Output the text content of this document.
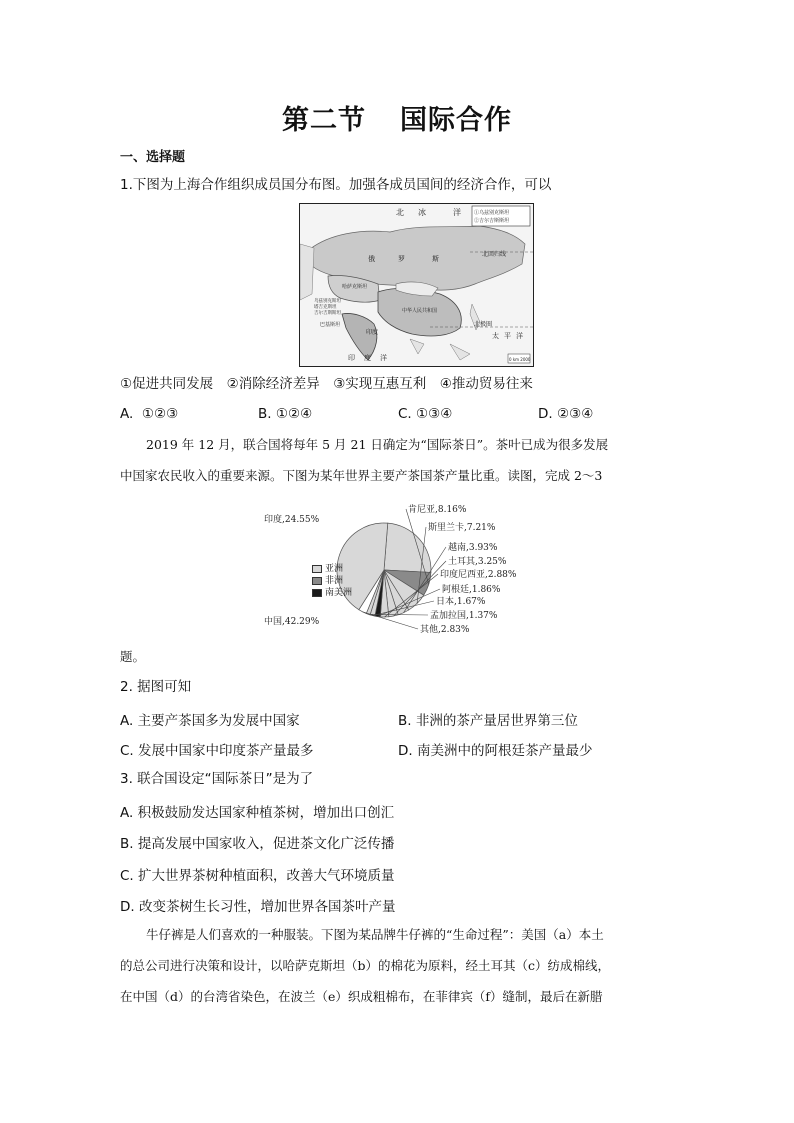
第二节 国际合作
一、选择题
1.下图为上海合作组织成员国分布图。加强各成员国间的经济合作，可以
北 冰	洋
俄	罗	斯
北回归线
北极圈
印度	太 平 洋
哈萨克斯坦
中华人民共和国
乌兹别克斯坦
塔吉克斯坦
吉尔吉斯斯坦
巴基斯坦
印 度 洋
①乌兹别克斯坦
②吉尔吉斯斯坦
0 km 2000
①促进共同发展　②消除经济差异　③实现互惠互利　④推动贸易往来
A. ①②③	B. ①②④	C. ①③④	D. ②③④
2019 年 12 月，联合国将每年 5 月 21 日确定为“国际茶日”。茶叶已成为很多发展
中国家农民收入的重要来源。下图为某年世界主要产茶国茶产量比重。读图，完成 2～3
印度,24.55%
肯尼亚,8.16%
斯里兰卡,7.21%
越南,3.93%
土耳其,3.25%
印度尼西亚,2.88%
阿根廷,1.86%
日本,1.67%
孟加拉国,1.37%
其他,2.83%
中国,42.29%
亚洲
非洲
南美洲
题。
2. 据图可知
A. 主要产茶国多为发展中国家	B. 非洲的茶产量居世界第三位
C. 发展中国家中印度茶产量最多	D. 南美洲中的阿根廷茶产量最少
3. 联合国设定“国际茶日”是为了
A. 积极鼓励发达国家种植茶树，增加出口创汇
B. 提高发展中国家收入，促进茶文化广泛传播
C. 扩大世界茶树种植面积，改善大气环境质量
D. 改变茶树生长习性，增加世界各国茶叶产量
牛仔裤是人们喜欢的一种服装。下图为某品牌牛仔裤的“生命过程”：美国（a）本土
的总公司进行决策和设计，以哈萨克斯坦（b）的棉花为原料，经土耳其（c）纺成棉线，
在中国（d）的台湾省染色，在波兰（e）织成粗棉布，在菲律宾（f）缝制，最后在新腊
